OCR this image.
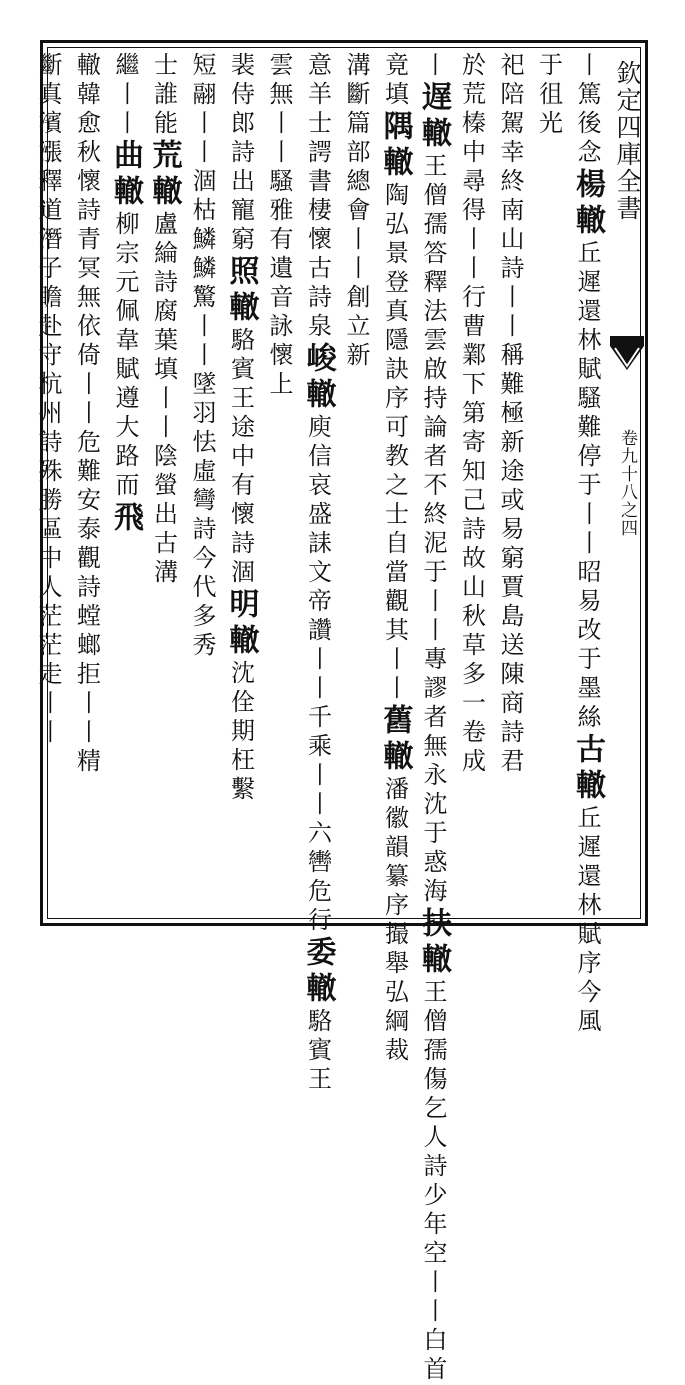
欽定四庫全書
卷九十八之四
丨篤後念楊轍丘遲還林賦騷難停于丨丨昭易改于墨絲古轍丘遲還林賦序今風
于徂光
祀陪駕幸終南山詩丨丨稱難極新途或易窮賈島送陳商詩君
於荒榛中尋得丨丨行曹鄴下第寄知己詩故山秋草多一卷成
丨遅轍王僧孺答釋法雲啟持論者不終泥于丨丨專謬者無永沈于惑海扶轍王僧孺傷乞人詩少年空丨丨白首
竟填隅轍陶弘景登真隱訣序可教之士自當觀其丨丨舊轍潘徽韻纂序撮舉弘綱裁
溝斷篇部總會丨丨創立新
意羊士諤書棲懷古詩泉峻轍庾信哀盛誄文帝讚丨丨千乘丨丨六轡危行委轍駱賓王
雲無丨丨騷雅有遺音詠懷上
裴侍郎詩出寵窮照轍駱賓王途中有懷詩涸明轍沈佺期枉繫
短翮丨丨涸枯鱗鱗驚丨丨墜羽怯虛彎詩今代多秀
士誰能荒轍盧綸詩腐葉填丨丨陰螢出古溝
繼丨丨曲轍柳宗元佩韋賦遵大路而飛
轍韓愈秋懷詩青冥無依倚丨丨危難安泰觀詩螳螂拒丨丨精
斷真濱漲釋道潛子瞻赴守杭州詩殊勝區中人茫茫走丨丨
